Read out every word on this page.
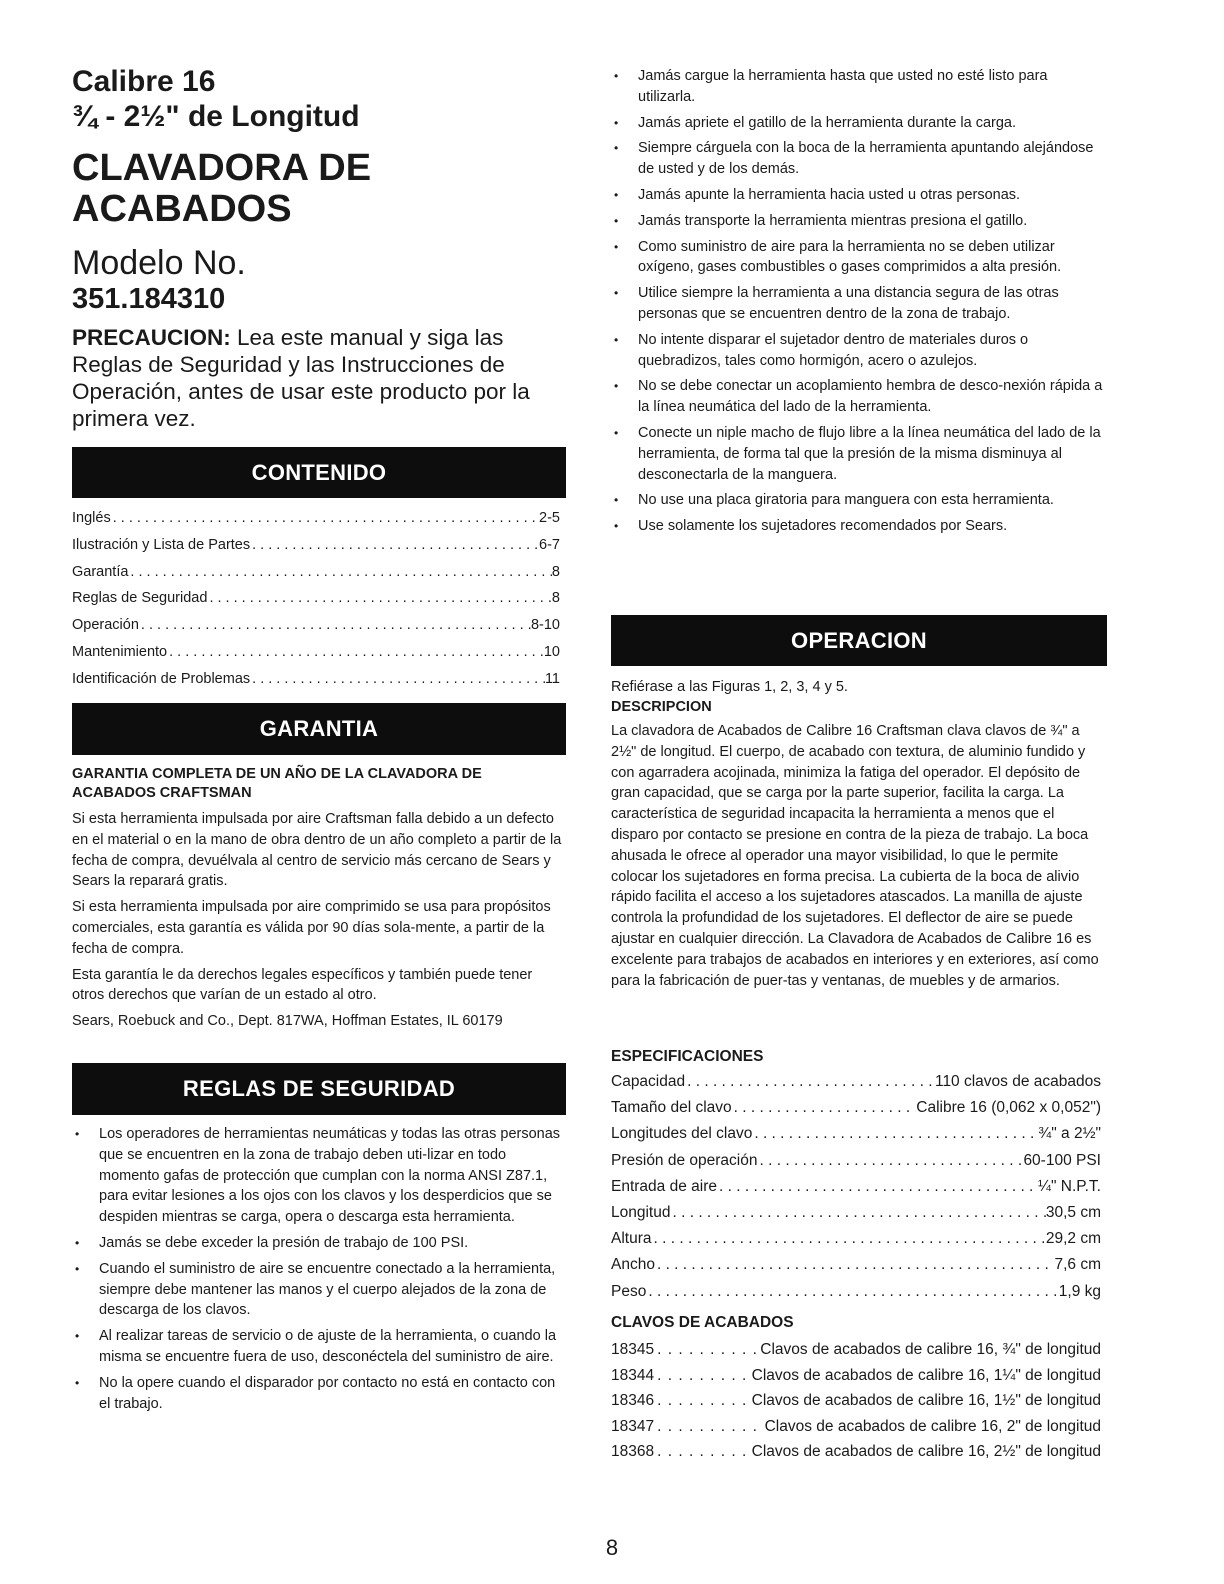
Calibre 16
¾ - 2½" de Longitud
CLAVADORA DE ACABADOS
Modelo No.
351.184310
PRECAUCION: Lea este manual y siga las Reglas de Seguridad y las Instrucciones de Operación, antes de usar este producto por la primera vez.
CONTENIDO
Inglés . . .	2-5
Ilustración y Lista de Partes . . .	6-7
Garantía . . .	8
Reglas de Seguridad . . .	8
Operación . . .	8-10
Mantenimiento . . .	10
Identificación de Problemas . . .	11
GARANTIA
GARANTIA COMPLETA DE UN AÑO DE LA CLAVADORA DE ACABADOS CRAFTSMAN

Si esta herramienta impulsada por aire Craftsman falla debido a un defecto en el material o en la mano de obra dentro de un año completo a partir de la fecha de compra, devuélvala al centro de servicio más cercano de Sears y Sears la reparará gratis.

Si esta herramienta impulsada por aire comprimido se usa para propósitos comerciales, esta garantía es válida por 90 días sola-mente, a partir de la fecha de compra.

Esta garantía le da derechos legales específicos y también puede tener otros derechos que varían de un estado al otro.

Sears, Roebuck and Co., Dept. 817WA, Hoffman Estates, IL 60179

REGLAS DE SEGURIDAD
• Los operadores de herramientas neumáticas y todas las otras personas que se encuentren en la zona de trabajo deben uti-lizar en todo momento gafas de protección que cumplan con la norma ANSI Z87.1, para evitar lesiones a los ojos con los clavos y los desperdicios que se despiden mientras se carga, opera o descarga esta herramienta.
• Jamás se debe exceder la presión de trabajo de 100 PSI.
• Cuando el suministro de aire se encuentre conectado a la herramienta, siempre debe mantener las manos y el cuerpo alejados de la zona de descarga de los clavos.
• Al realizar tareas de servicio o de ajuste de la herramienta, o cuando la misma se encuentre fuera de uso, desconéctela del suministro de aire.
• No la opere cuando el disparador por contacto no está en contacto con el trabajo.
• Jamás cargue la herramienta hasta que usted no esté listo para utilizarla.
• Jamás apriete el gatillo de la herramienta durante la carga.
• Siempre cárguela con la boca de la herramienta apuntando alejándose de usted y de los demás.
• Jamás apunte la herramienta hacia usted u otras personas.
• Jamás transporte la herramienta mientras presiona el gatillo.
• Como suministro de aire para la herramienta no se deben utilizar oxígeno, gases combustibles o gases comprimidos a alta presión.
• Utilice siempre la herramienta a una distancia segura de las otras personas que se encuentren dentro de la zona de trabajo.
• No intente disparar el sujetador dentro de materiales duros o quebradizos, tales como hormigón, acero o azulejos.
• No se debe conectar un acoplamiento hembra de desco-nexión rápida a la línea neumática del lado de la herramienta.
• Conecte un niple macho de flujo libre a la línea neumática del lado de la herramienta, de forma tal que la presión de la misma disminuya al desconectarla de la manguera.
• No use una placa giratoria para manguera con esta herramienta.
• Use solamente los sujetadores recomendados por Sears.
OPERACION
Refiérase a las Figuras 1, 2, 3, 4 y 5.
DESCRIPCION
La clavadora de Acabados de Calibre 16 Craftsman clava clavos de ¾" a 2½" de longitud. El cuerpo, de acabado con textura, de aluminio fundido y con agarradera acojinada, minimiza la fatiga del operador. El depósito de gran capacidad, que se carga por la parte superior, facilita la carga. La característica de seguridad incapacita la herramienta a menos que el disparo por contacto se presione en contra de la pieza de trabajo. La boca ahusada le ofrece al operador una mayor visibilidad, lo que le permite colocar los sujetadores en forma precisa. La cubierta de la boca de alivio rápido facilita el acceso a los sujetadores atascados. La manilla de ajuste controla la profundidad de los sujetadores. El deflector de aire se puede ajustar en cualquier dirección. La Clavadora de Acabados de Calibre 16 es excelente para trabajos de acabados en interiores y en exteriores, así como para la fabricación de puer-tas y ventanas, de muebles y de armarios.
ESPECIFICACIONES
Capacidad . . .	110 clavos de acabados
Tamaño del clavo . . .	Calibre 16 (0,062 x 0,052")
Longitudes del clavo . . .	¾" a 2½"
Presión de operación . . .	60-100 PSI
Entrada de aire . . .	¼" N.P.T.
Longitud . . .	30,5 cm
Altura . . .	29,2 cm
Ancho . . .	7,6 cm
Peso . . .	1,9 kg
CLAVOS DE ACABADOS
18345 . . .	Clavos de acabados de calibre 16, ¾" de longitud
18344 . . .	Clavos de acabados de calibre 16, 1¼" de longitud
18346 . . .	Clavos de acabados de calibre 16, 1½" de longitud
18347 . . .	Clavos de acabados de calibre 16, 2" de longitud
18368 . . .	Clavos de acabados de calibre 16, 2½" de longitud
8
